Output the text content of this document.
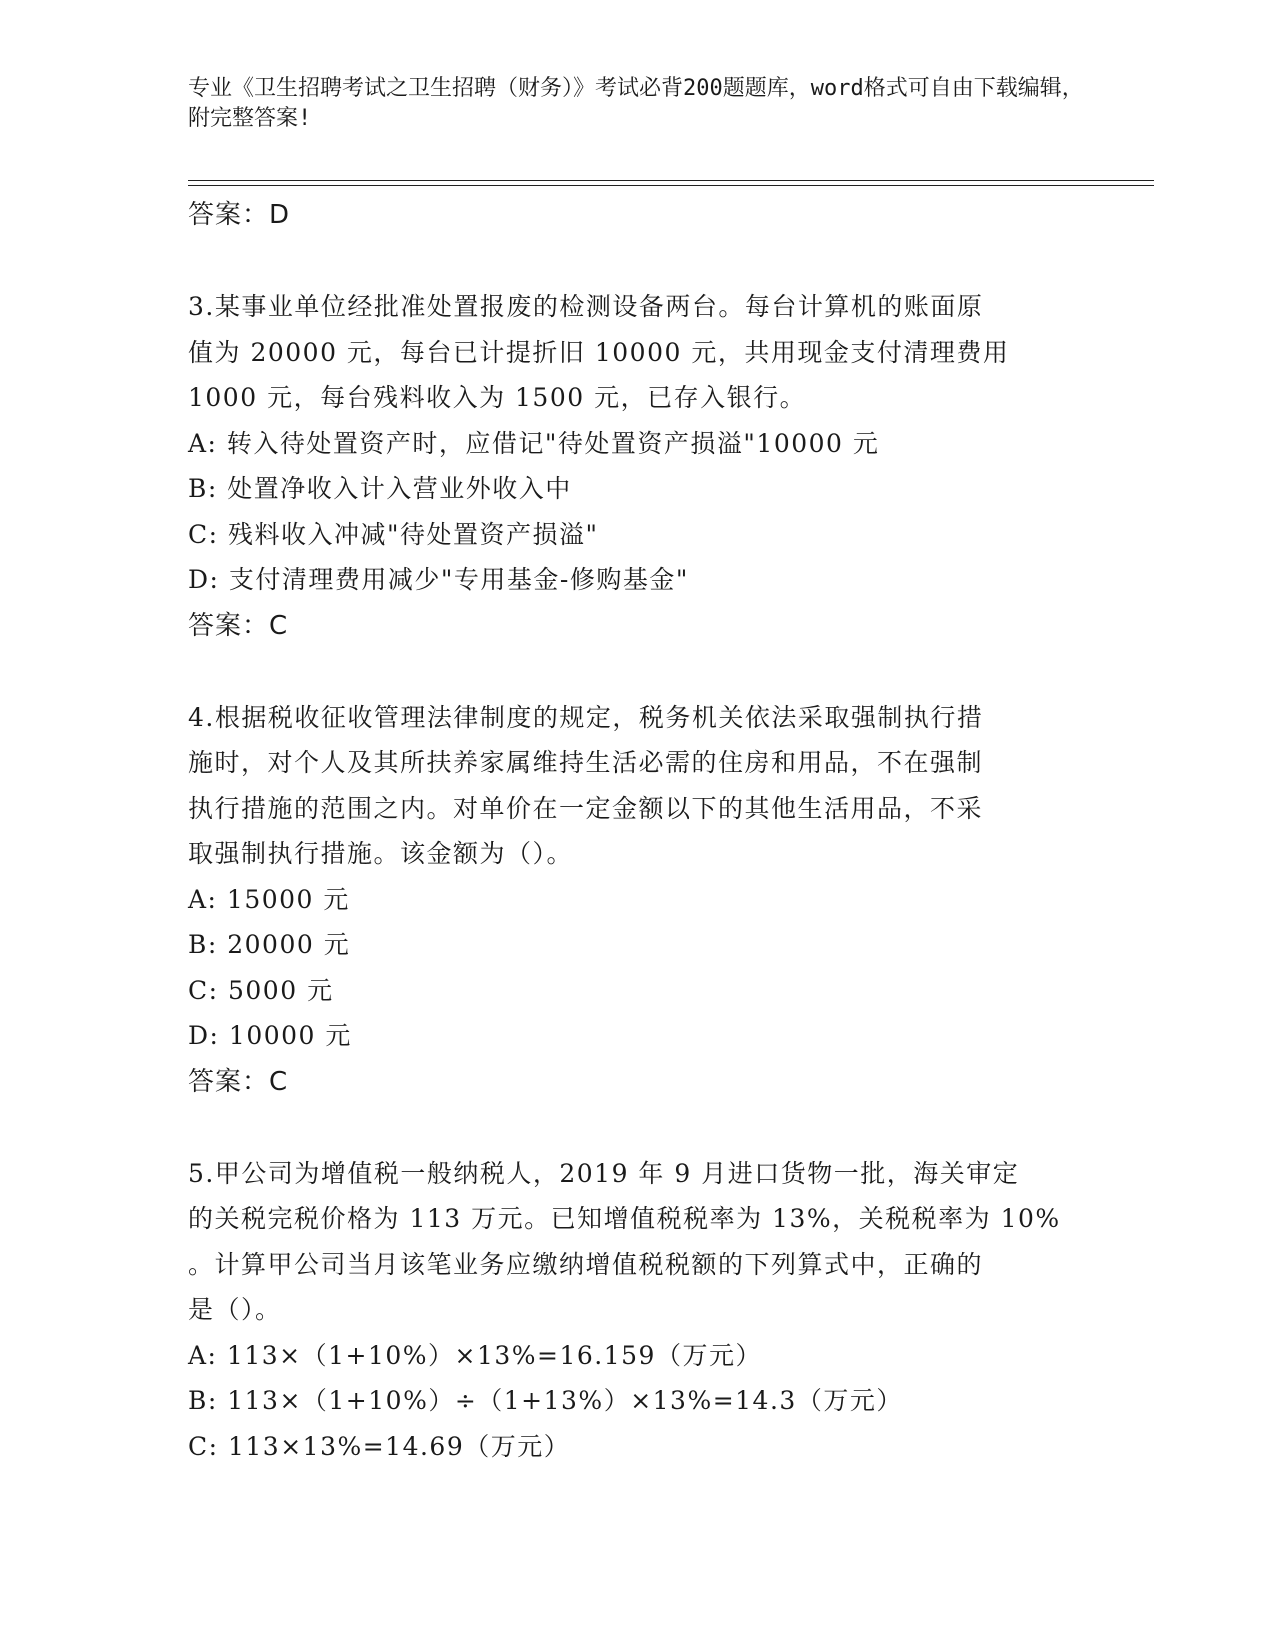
专业《卫生招聘考试之卫生招聘（财务）》考试必背200题题库，word格式可自由下载编辑，附完整答案!
答案：D
3.某事业单位经批准处置报废的检测设备两台。每台计算机的账面原
值为 20000 元，每台已计提折旧 10000 元，共用现金支付清理费用
1000 元，每台残料收入为 1500 元，已存入银行。
A: 转入待处置资产时，应借记"待处置资产损溢"10000 元
B: 处置净收入计入营业外收入中
C: 残料收入冲减"待处置资产损溢"
D: 支付清理费用减少"专用基金-修购基金"
答案：C
4.根据税收征收管理法律制度的规定，税务机关依法采取强制执行措
施时，对个人及其所扶养家属维持生活必需的住房和用品，不在强制
执行措施的范围之内。对单价在一定金额以下的其他生活用品，不采
取强制执行措施。该金额为（）。
A: 15000 元
B: 20000 元
C: 5000 元
D: 10000 元
答案：C
5.甲公司为增值税一般纳税人，2019 年 9 月进口货物一批，海关审定
的关税完税价格为 113 万元。已知增值税税率为 13%，关税税率为 10%
。计算甲公司当月该笔业务应缴纳增值税税额的下列算式中，正确的
是（）。
A: 113×（1+10%）×13%=16.159（万元）
B: 113×（1+10%）÷（1+13%）×13%=14.3（万元）
C: 113×13%=14.69（万元）
